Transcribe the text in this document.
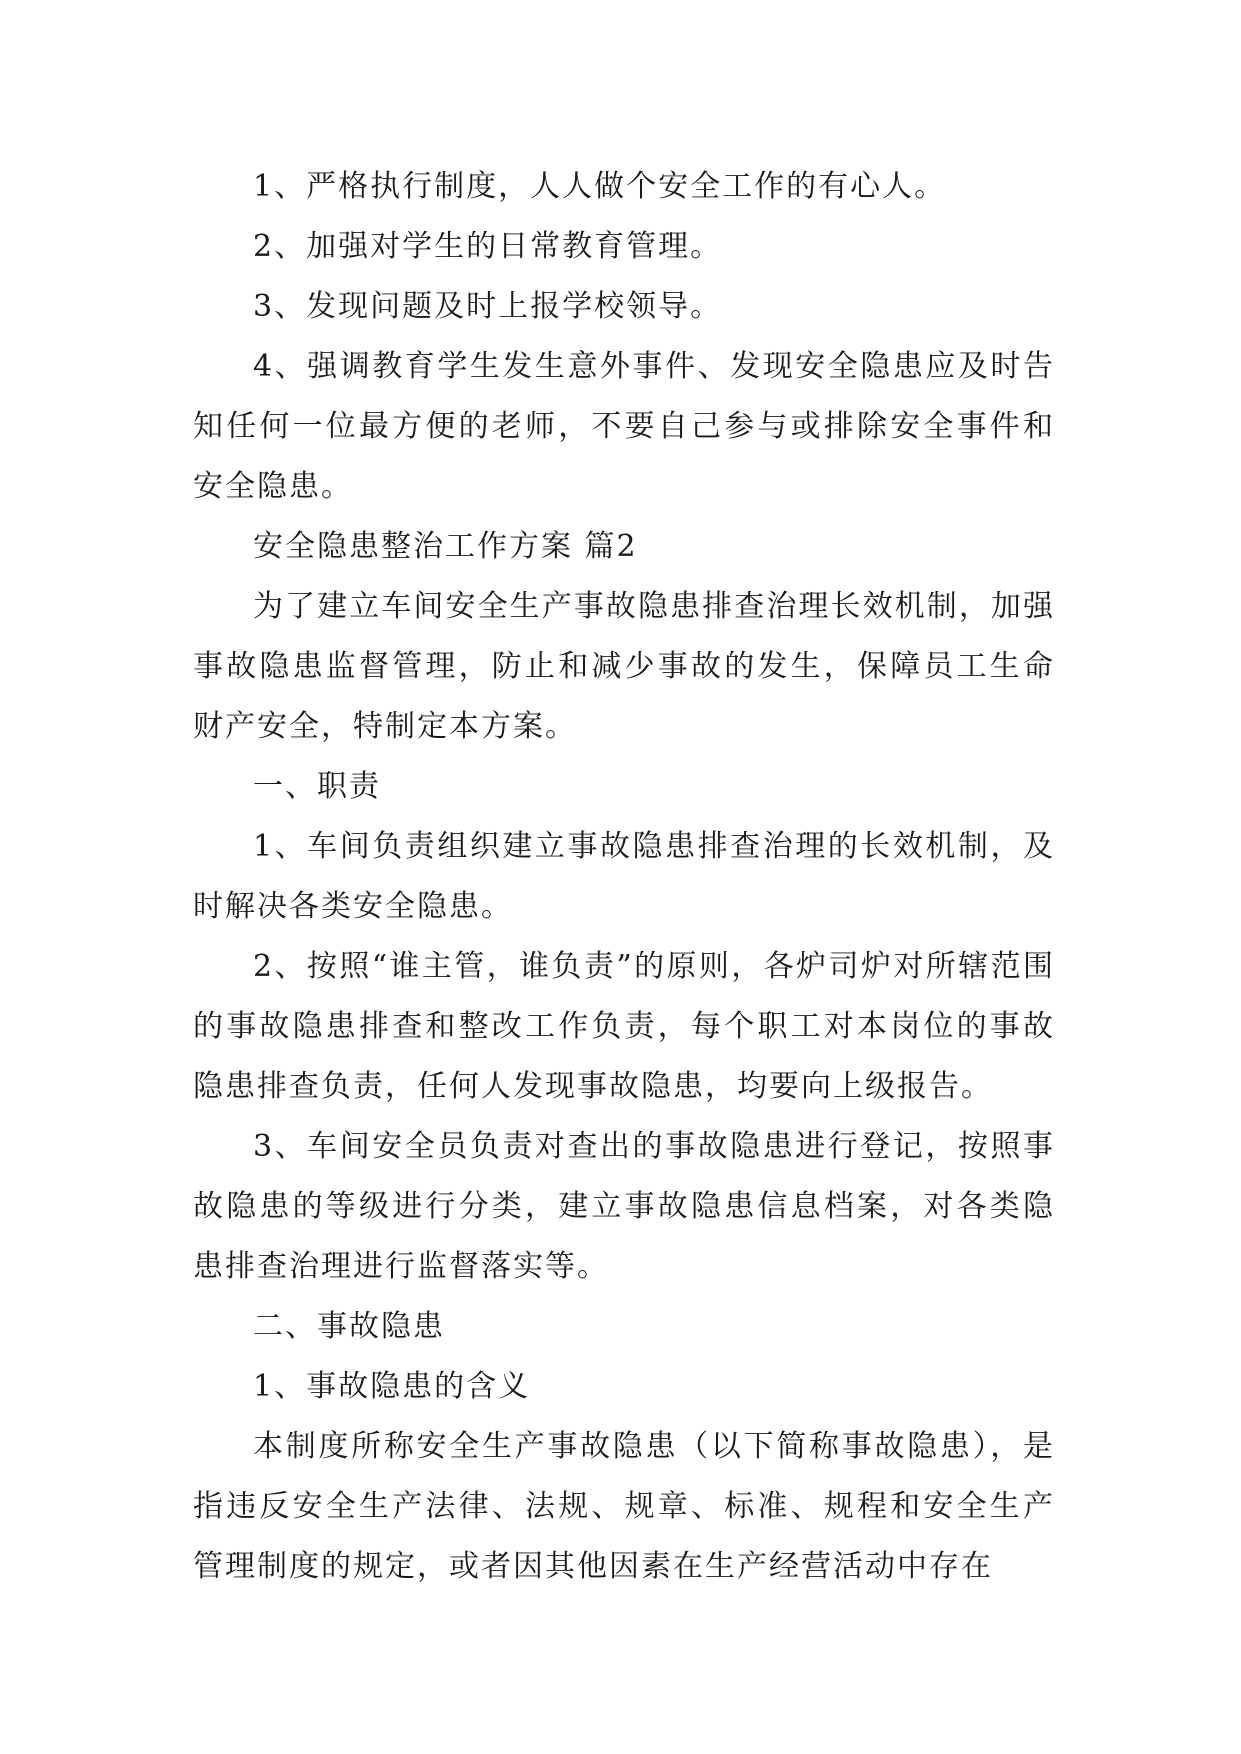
1、严格执行制度，人人做个安全工作的有心人。

2、加强对学生的日常教育管理。

3、发现问题及时上报学校领导。

4、强调教育学生发生意外事件、发现安全隐患应及时告知任何一位最方便的老师，不要自己参与或排除安全事件和安全隐患。

安全隐患整治工作方案 篇2

为了建立车间安全生产事故隐患排查治理长效机制，加强事故隐患监督管理，防止和减少事故的发生，保障员工生命财产安全，特制定本方案。

一、职责

1、车间负责组织建立事故隐患排查治理的长效机制，及时解决各类安全隐患。

2、按照“谁主管，谁负责”的原则，各炉司炉对所辖范围的事故隐患排查和整改工作负责，每个职工对本岗位的事故隐患排查负责，任何人发现事故隐患，均要向上级报告。

3、车间安全员负责对查出的事故隐患进行登记，按照事故隐患的等级进行分类，建立事故隐患信息档案，对各类隐患排查治理进行监督落实等。

二、事故隐患

1、事故隐患的含义

本制度所称安全生产事故隐患（以下简称事故隐患），是指违反安全生产法律、法规、规章、标准、规程和安全生产管理制度的规定，或者因其他因素在生产经营活动中存在
